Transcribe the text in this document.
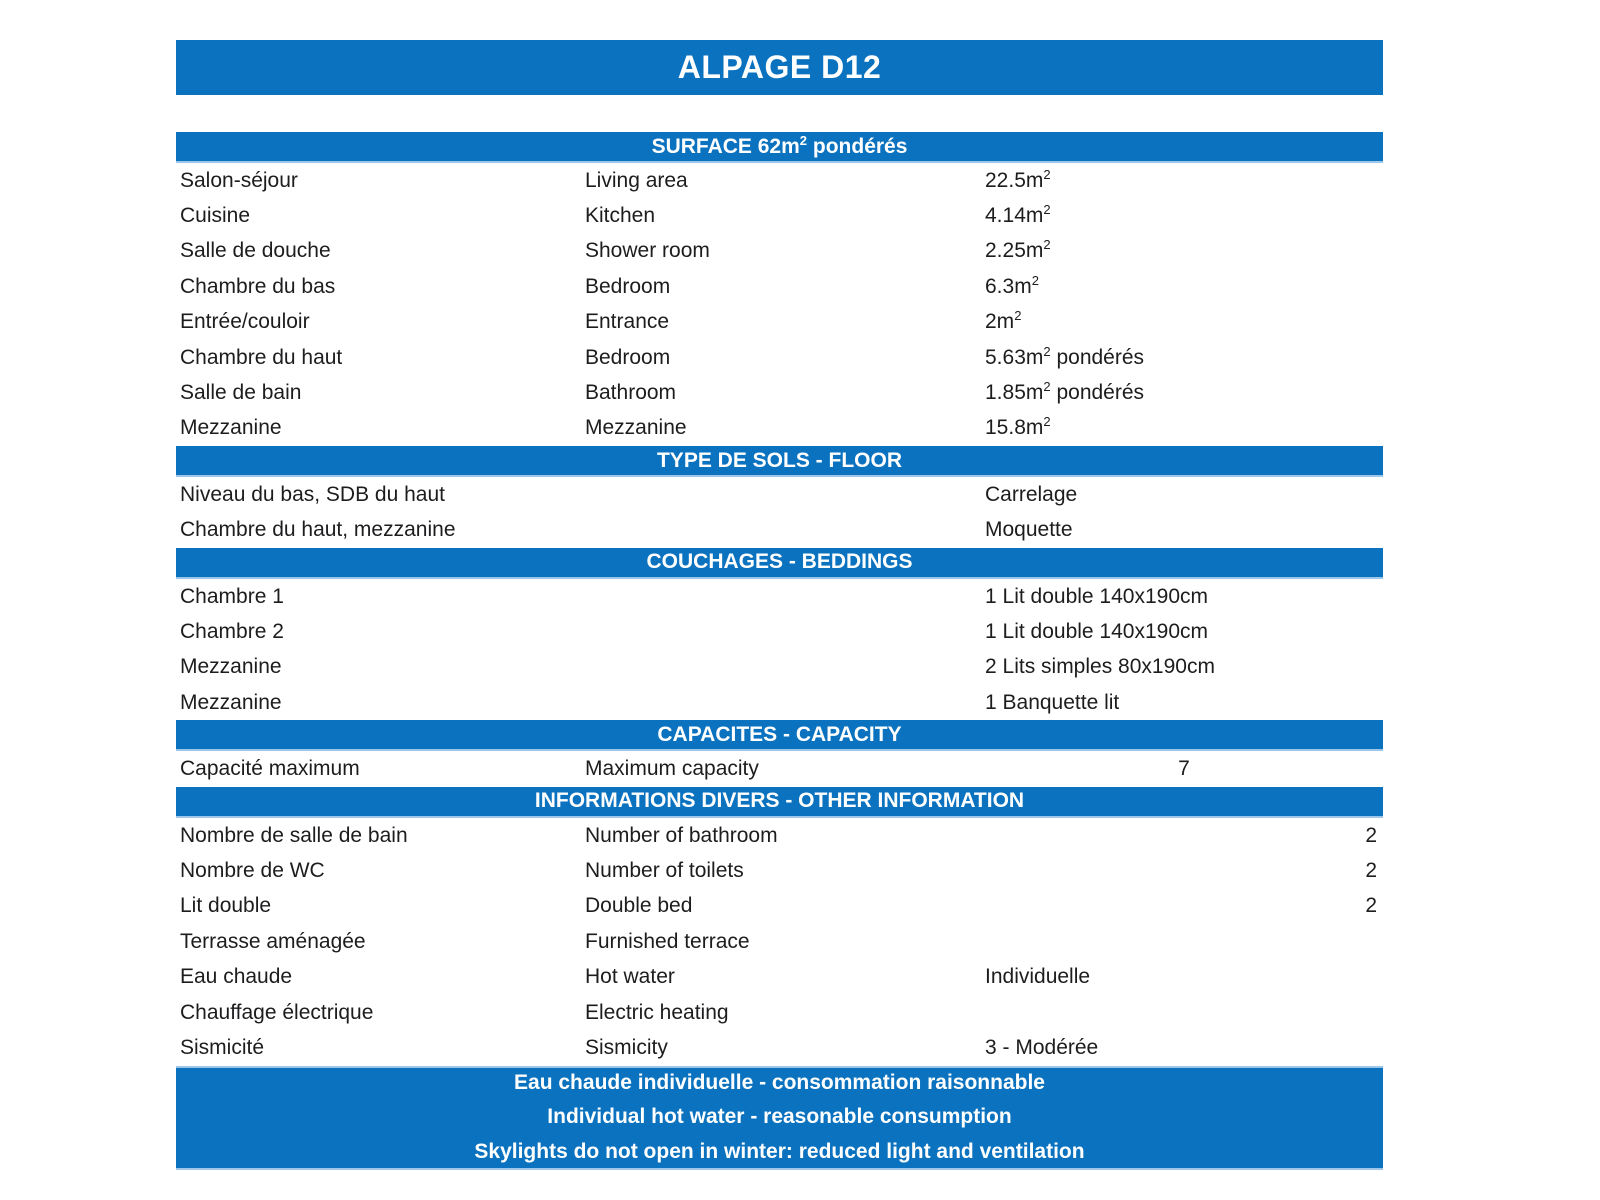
ALPAGE D12
SURFACE $62m^2$ pondérés
Salon-séjour	Living area	$22.5m^2$
Cuisine	Kitchen	$4.14m^2$
Salle de douche	Shower room	$2.25m^2$
Chambre du bas	Bedroom	$6.3m^2$
Entrée/couloir	Entrance	$2m^2$
Chambre du haut	Bedroom	$5.63m^2$ pondérés
Salle de bain	Bathroom	$1.85m^2$ pondérés
Mezzanine	Mezzanine	$15.8m^2$
TYPE DE SOLS - FLOOR
Niveau du bas, SDB du haut	Carrelage
Chambre du haut, mezzanine	Moquette
COUCHAGES - BEDDINGS
Chambre 1	1 Lit double 140x190cm
Chambre 2	1 Lit double 140x190cm
Mezzanine	2 Lits simples 80x190cm
Mezzanine	1 Banquette lit
CAPACITES - CAPACITY
Capacité maximum	Maximum capacity	7
INFORMATIONS DIVERS - OTHER INFORMATION
Nombre de salle de bain	Number of bathroom	2
Nombre de WC	Number of toilets	2
Lit double	Double bed	2
Terrasse aménagée	Furnished terrace
Eau chaude	Hot water	Individuelle
Chauffage électrique	Electric heating
Sismicité	Sismicity	3 - Modérée
Eau chaude individuelle - consommation raisonnable
Individual hot water - reasonable consumption
Skylights do not open in winter: reduced light and ventilation
